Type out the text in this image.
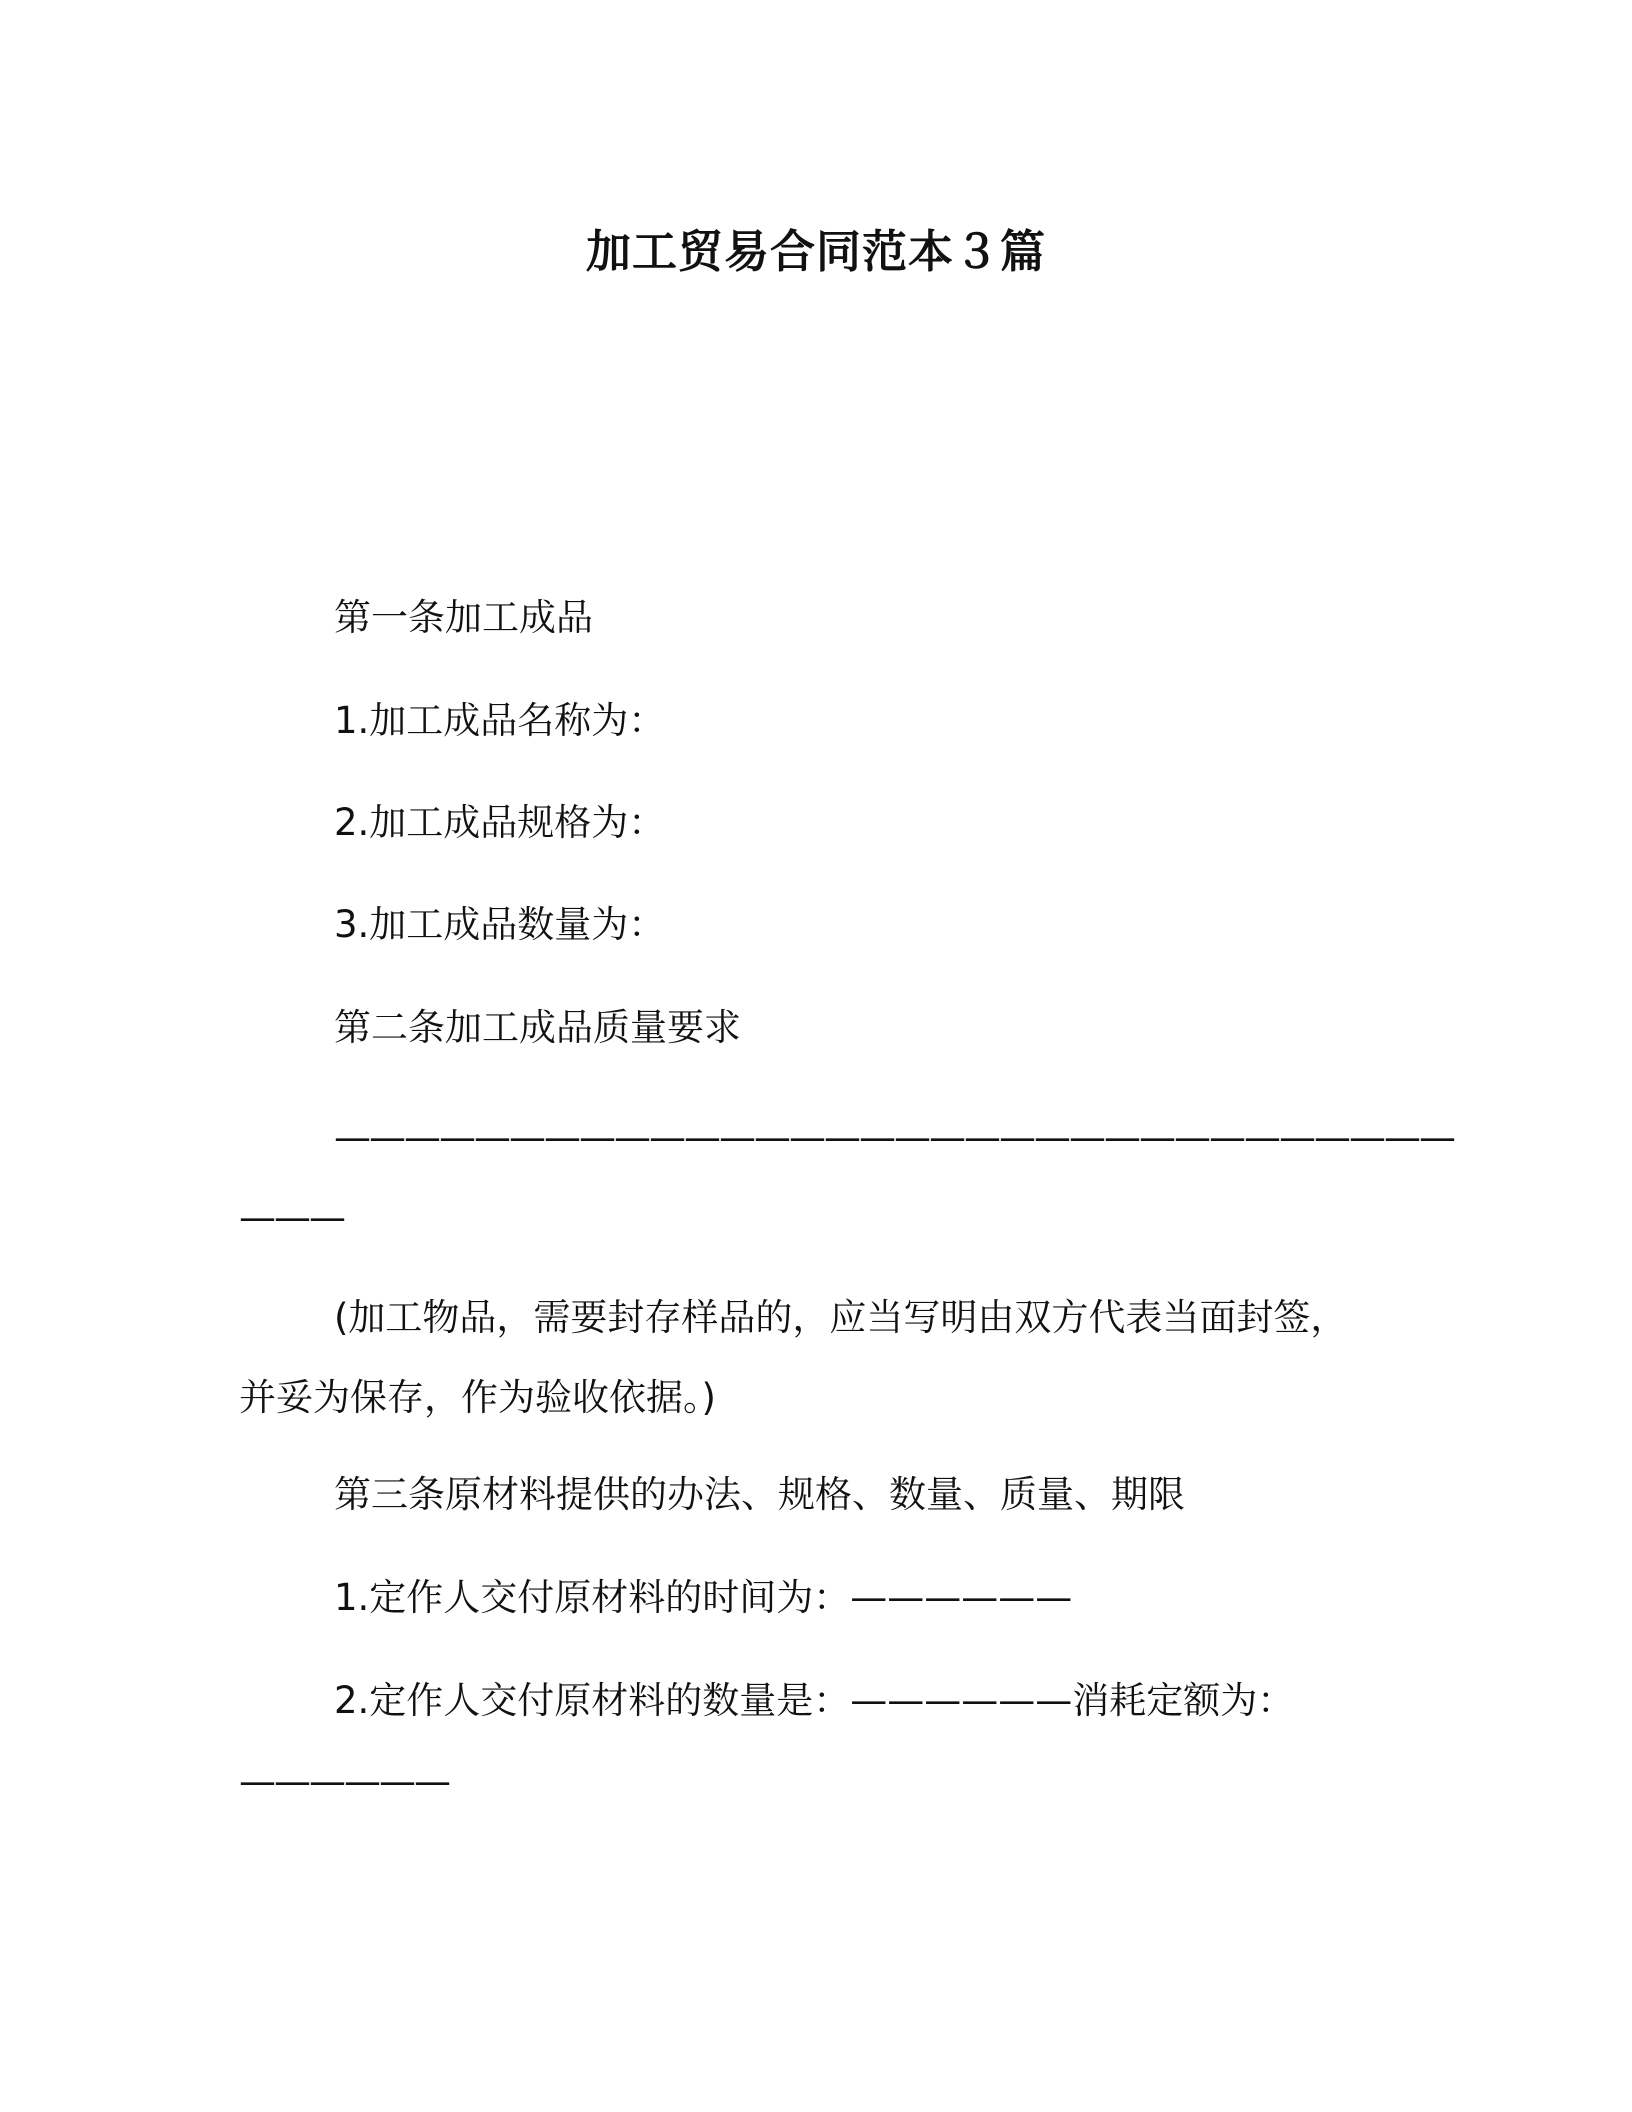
加工贸易合同范本３篇
第一条加工成品
1.加工成品名称为：
2.加工成品规格为：
3.加工成品数量为：
第二条加工成品质量要求
————————————————————————————————
———
(加工物品，需要封存样品的，应当写明由双方代表当面封签，
并妥为保存，作为验收依据。)
第三条原材料提供的办法、规格、数量、质量、期限
1.定作人交付原材料的时间为：——————
2.定作人交付原材料的数量是：——————消耗定额为：
——————
